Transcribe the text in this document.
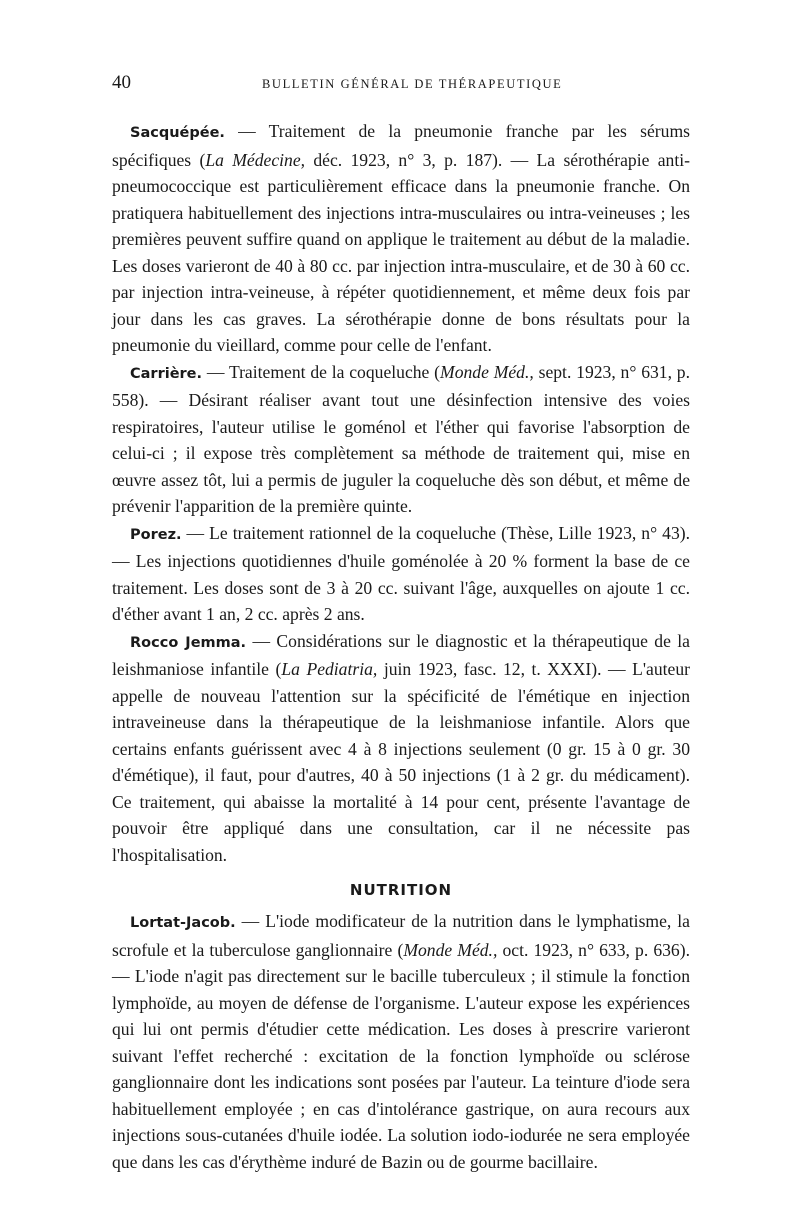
40	BULLETIN GÉNÉRAL DE THÉRAPEUTIQUE

Sacquépée. — Traitement de la pneumonie franche par les sérums spécifiques (La Médecine, déc. 1923, n° 3, p. 187). — La sérothérapie anti-pneumococcique est particulièrement efficace dans la pneumonie franche. On pratiquera habituellement des injections intra-musculaires ou intra-veineuses ; les premières peuvent suffire quand on applique le traitement au début de la maladie. Les doses varieront de 40 à 80 cc. par injection intra-musculaire, et de 30 à 60 cc. par injection intra-veineuse, à répéter quotidiennement, et même deux fois par jour dans les cas graves. La sérothérapie donne de bons résultats pour la pneumonie du vieillard, comme pour celle de l'enfant.

Carrière. — Traitement de la coqueluche (Monde Méd., sept. 1923, n° 631, p. 558). — Désirant réaliser avant tout une désinfection intensive des voies respiratoires, l'auteur utilise le goménol et l'éther qui favorise l'absorption de celui-ci ; il expose très complètement sa méthode de traitement qui, mise en œuvre assez tôt, lui a permis de juguler la coqueluche dès son début, et même de prévenir l'apparition de la première quinte.

Porez. — Le traitement rationnel de la coqueluche (Thèse, Lille 1923, n° 43). — Les injections quotidiennes d'huile goménolée à 20 % forment la base de ce traitement. Les doses sont de 3 à 20 cc. suivant l'âge, auxquelles on ajoute 1 cc. d'éther avant 1 an, 2 cc. après 2 ans.

Rocco Jemma. — Considérations sur le diagnostic et la thérapeutique de la leishmaniose infantile (La Pediatria, juin 1923, fasc. 12, t. XXXI). — L'auteur appelle de nouveau l'attention sur la spécificité de l'émétique en injection intraveineuse dans la thérapeutique de la leishmaniose infantile. Alors que certains enfants guérissent avec 4 à 8 injections seulement (0 gr. 15 à 0 gr. 30 d'émétique), il faut, pour d'autres, 40 à 50 injections (1 à 2 gr. du médicament). Ce traitement, qui abaisse la mortalité à 14 pour cent, présente l'avantage de pouvoir être appliqué dans une consultation, car il ne nécessite pas l'hospitalisation.

NUTRITION

Lortat-Jacob. — L'iode modificateur de la nutrition dans le lymphatisme, la scrofule et la tuberculose ganglionnaire (Monde Méd., oct. 1923, n° 633, p. 636). — L'iode n'agit pas directement sur le bacille tuberculeux ; il stimule la fonction lymphoïde, au moyen de défense de l'organisme. L'auteur expose les expériences qui lui ont permis d'étudier cette médication. Les doses à prescrire varieront suivant l'effet recherché : excitation de la fonction lymphoïde ou sclérose ganglionnaire dont les indications sont posées par l'auteur. La teinture d'iode sera habituellement employée ; en cas d'intolérance gastrique, on aura recours aux injections sous-cutanées d'huile iodée. La solution iodo-iodurée ne sera employée que dans les cas d'érythème induré de Bazin ou de gourme bacillaire.
